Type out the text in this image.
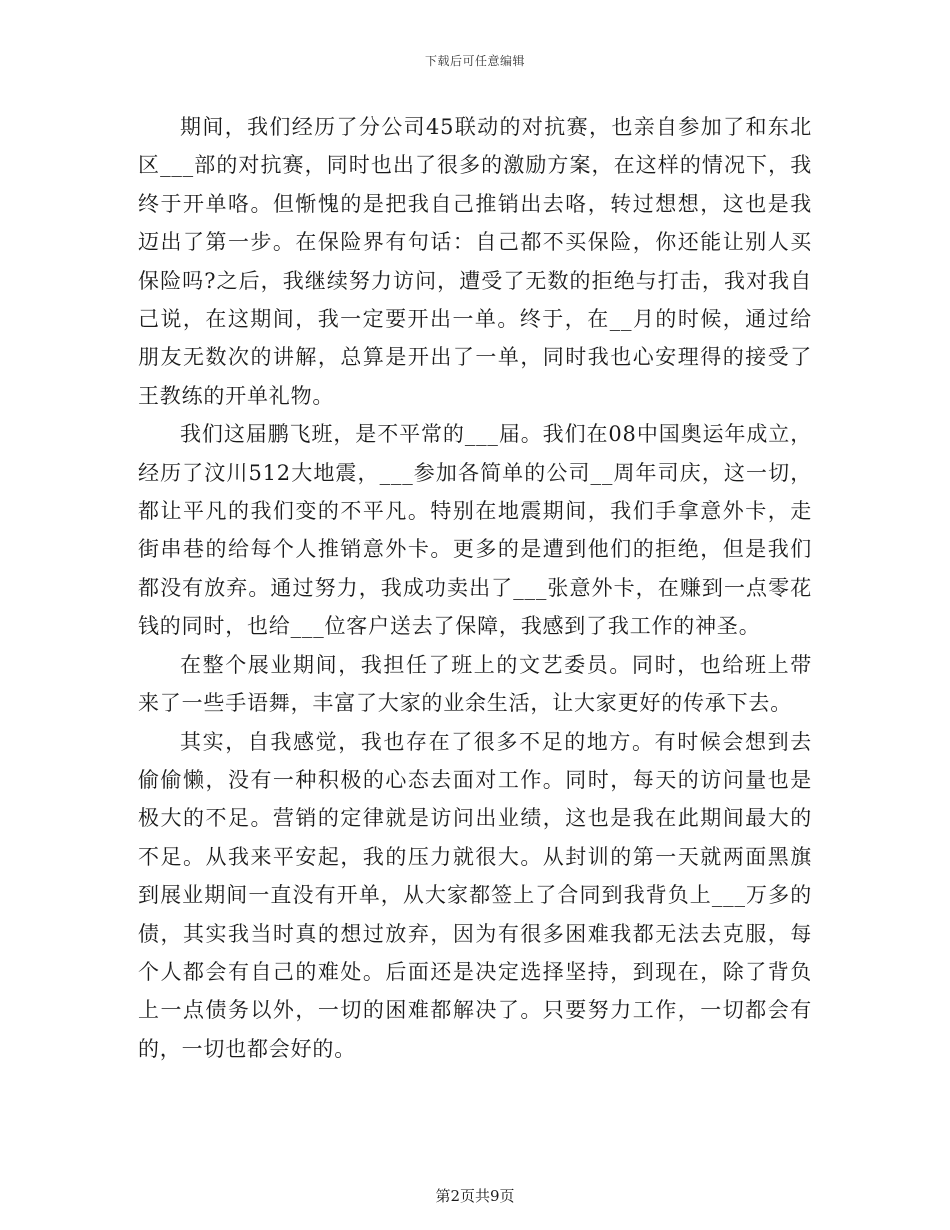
下载后可任意编辑

期间，我们经历了分公司45联动的对抗赛，也亲自参加了和东北区___部的对抗赛，同时也出了很多的激励方案，在这样的情况下，我终于开单咯。但惭愧的是把我自己推销出去咯，转过想想，这也是我迈出了第一步。在保险界有句话：自己都不买保险，你还能让别人买保险吗?之后，我继续努力访问，遭受了无数的拒绝与打击，我对我自己说，在这期间，我一定要开出一单。终于，在__月的时候，通过给朋友无数次的讲解，总算是开出了一单，同时我也心安理得的接受了王教练的开单礼物。

我们这届鹏飞班，是不平常的___届。我们在08中国奥运年成立，经历了汶川512大地震，___参加各简单的公司__周年司庆，这一切，都让平凡的我们变的不平凡。特别在地震期间，我们手拿意外卡，走街串巷的给每个人推销意外卡。更多的是遭到他们的拒绝，但是我们都没有放弃。通过努力，我成功卖出了___张意外卡，在赚到一点零花钱的同时，也给___位客户送去了保障，我感到了我工作的神圣。

在整个展业期间，我担任了班上的文艺委员。同时，也给班上带来了一些手语舞，丰富了大家的业余生活，让大家更好的传承下去。

其实，自我感觉，我也存在了很多不足的地方。有时候会想到去偷偷懒，没有一种积极的心态去面对工作。同时，每天的访问量也是极大的不足。营销的定律就是访问出业绩，这也是我在此期间最大的不足。从我来平安起，我的压力就很大。从封训的第一天就两面黑旗到展业期间一直没有开单，从大家都签上了合同到我背负上___万多的债，其实我当时真的想过放弃，因为有很多困难我都无法去克服，每个人都会有自己的难处。后面还是决定选择坚持，到现在，除了背负上一点债务以外，一切的困难都解决了。只要努力工作，一切都会有的，一切也都会好的。

第2页共9页
